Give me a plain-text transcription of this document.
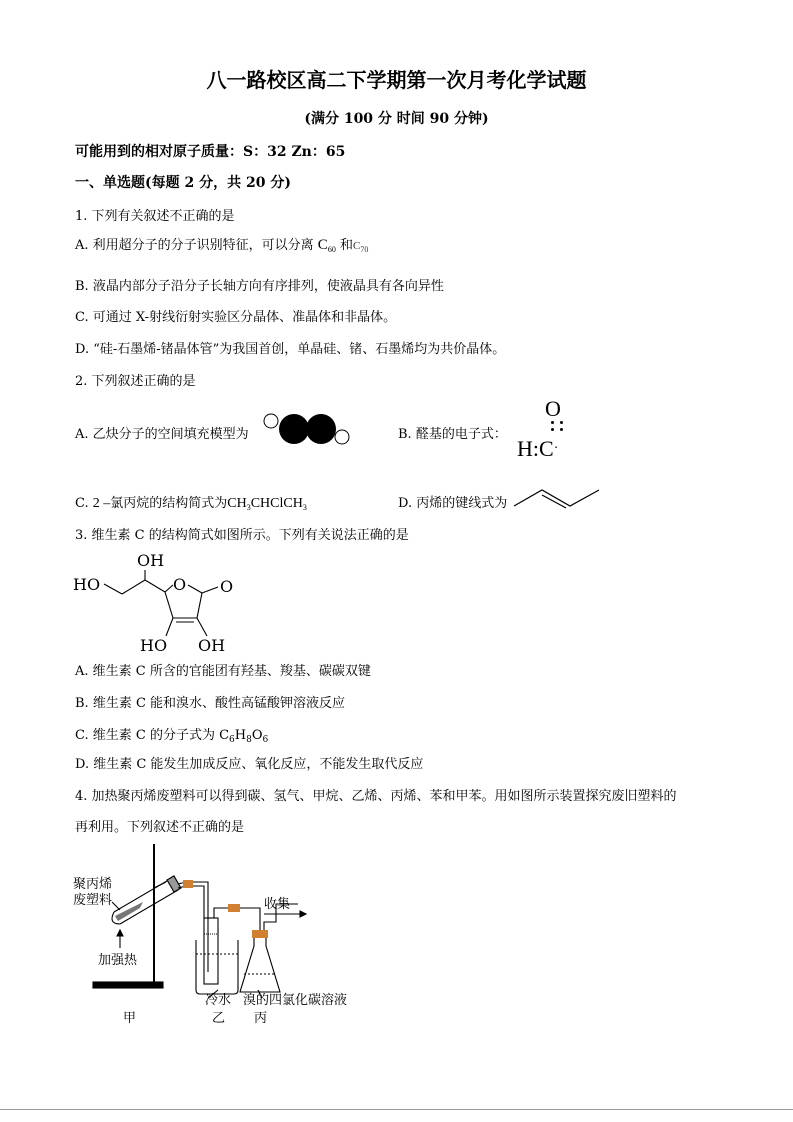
八一路校区高二下学期第一次月考化学试题
(满分 100 分 时间 90 分钟)
可能用到的相对原子质量：S：32 Zn：65
一、单选题(每题 2 分，共 20 分)
1. 下列有关叙述不正确的是
A. 利用超分子的分子识别特征，可以分离 $C_{60}$ 和$C_{70}$
B. 液晶内部分子沿分子长轴方向有序排列，使液晶具有各向异性
C. 可通过 X-射线衍射实验区分晶体、准晶体和非晶体。
D. “硅-石墨烯-锗晶体管”为我国首创，单晶硅、锗、石墨烯均为共价晶体。
2. 下列叙述正确的是
A. 乙炔分子的空间填充模型为	B. 醛基的电子式：
O
H:C·
C. 2 –氯丙烷的结构简式为$CH_3CHClCH_3$	D. 丙烯的键线式为
3. 维生素 C 的结构简式如图所示。下列有关说法正确的是
OH
HO	O O
HO OH
A. 维生素 C 所含的官能团有羟基、羧基、碳碳双键
B. 维生素 C 能和溴水、酸性高锰酸钾溶液反应
C. 维生素 C 的分子式为 $C_6H_8O_6$
D. 维生素 C 能发生加成反应、氧化反应，不能发生取代反应
4. 加热聚丙烯废塑料可以得到碳、氢气、甲烷、乙烯、丙烯、苯和甲苯。用如图所示装置探究废旧塑料的
再利用。下列叙述不正确的是
聚丙烯
废塑料
加强热
收集
冷水 溴的四氯化碳溶液
甲	乙 丙
